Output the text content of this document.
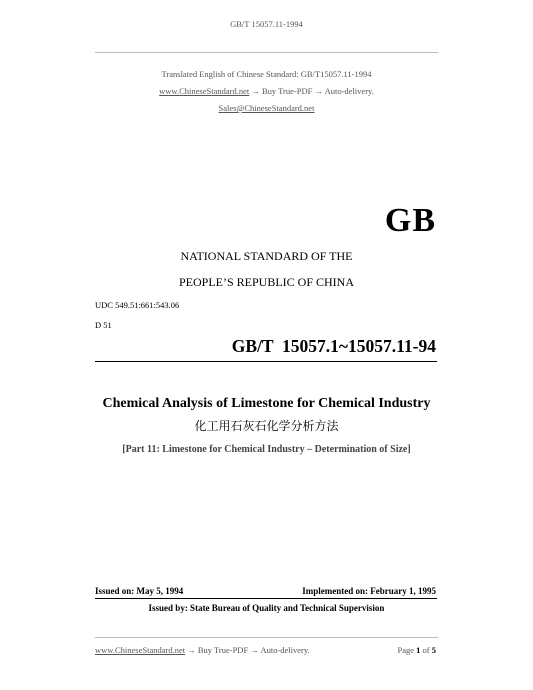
GB/T 15057.11-1994
Translated English of Chinese Standard: GB/T15057.11-1994
www.ChineseStandard.net → Buy True-PDF → Auto-delivery.
Sales@ChineseStandard.net
GB
NATIONAL STANDARD OF THE
PEOPLE’S REPUBLIC OF CHINA
UDC 549.51:661:543.06
D 51
GB/T  15057.1~15057.11-94
Chemical Analysis of Limestone for Chemical Industry
化工用石灰石化学分析方法
[Part 11: Limestone for Chemical Industry – Determination of Size]
Issued on: May 5, 1994	Implemented on: February 1, 1995
Issued by: State Bureau of Quality and Technical Supervision
www.ChineseStandard.net → Buy True-PDF → Auto-delivery.	Page 1 of 5
